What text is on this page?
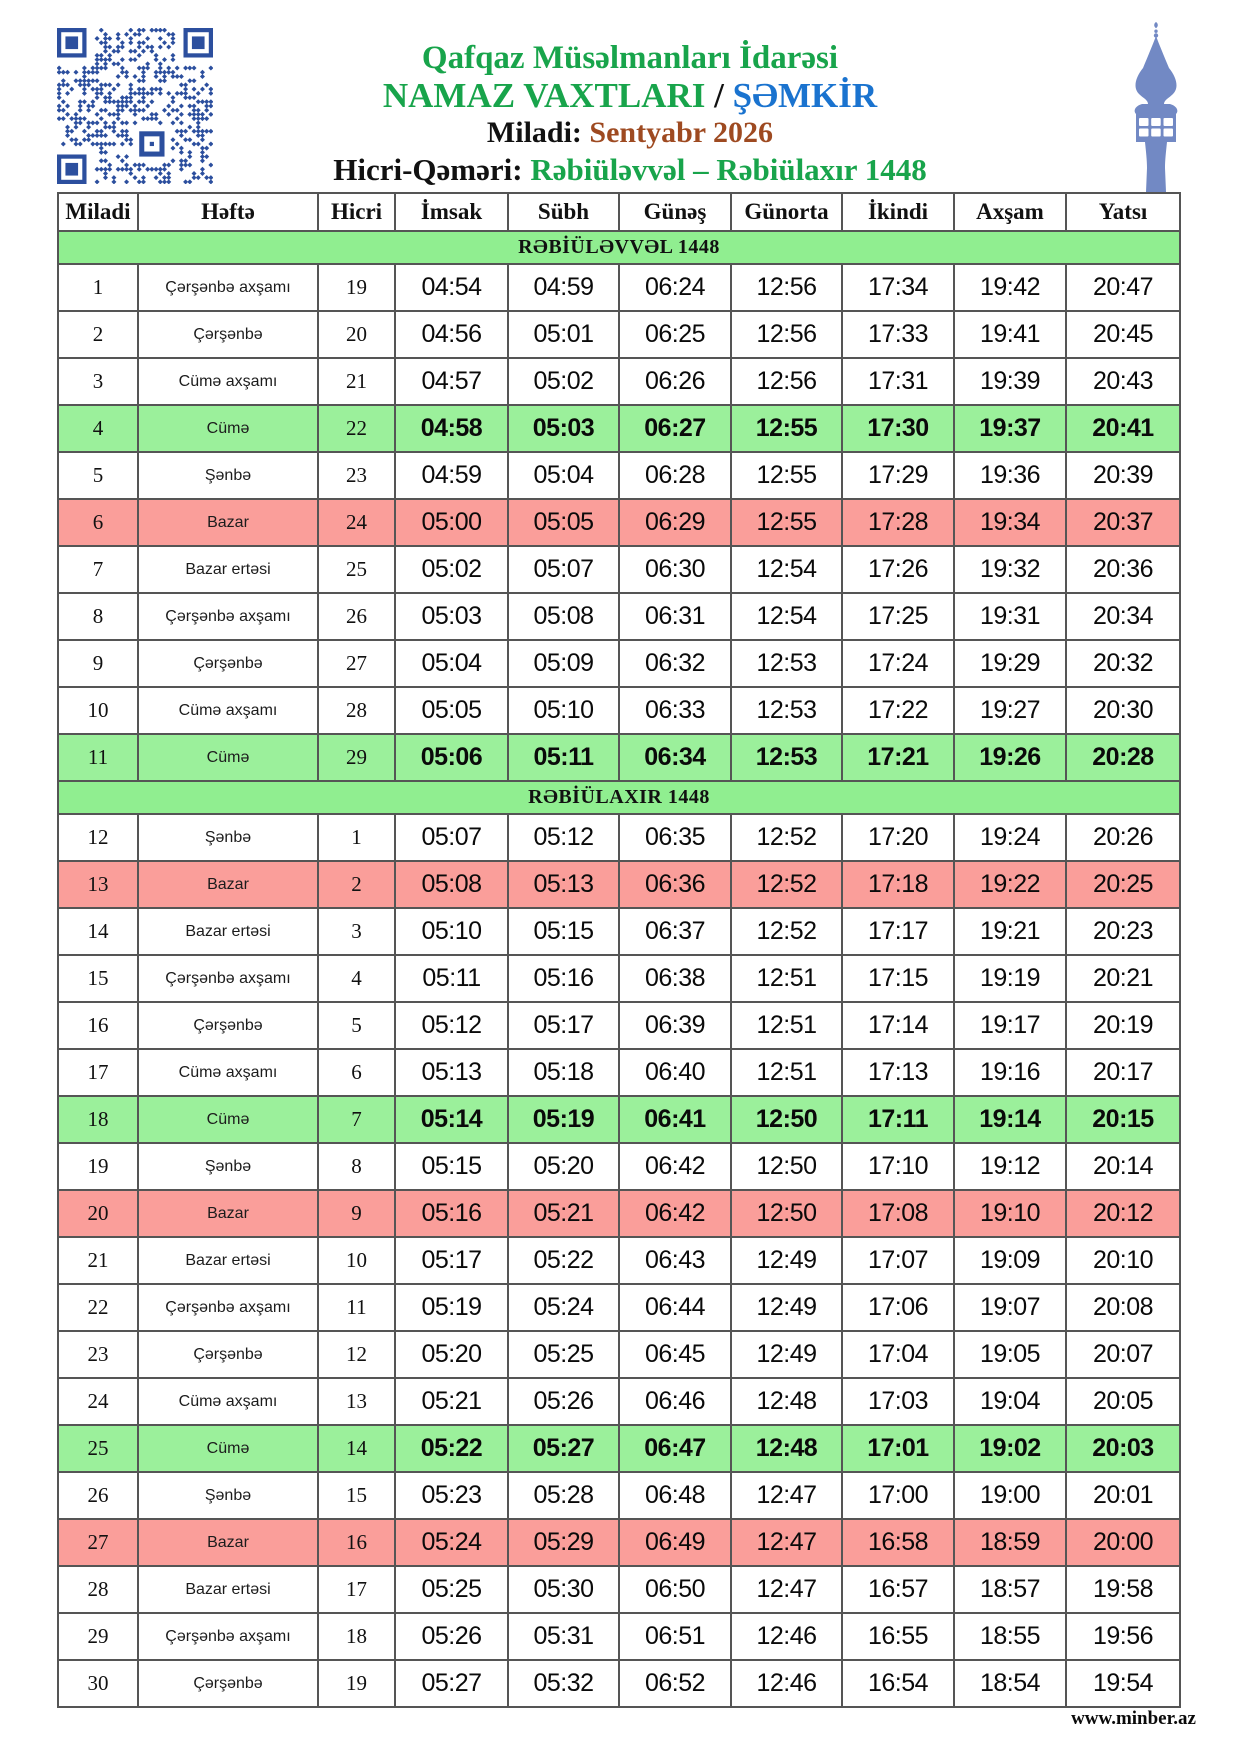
Qafqaz Müsəlmanları İdarəsi
NAMAZ VAXTLARI / ŞƏMKİR
Miladi: Sentyabr 2026
Hicri-Qəməri: Rəbiüləvvəl – Rəbiülaxır 1448
Miladi	Həftə	Hicri	İmsak	Sübh	Günəş	Günorta	İkindi	Axşam	Yatsı
RƏBİÜLƏVVƏL 1448									
1	Çərşənbə axşamı	19	04:54	04:59	06:24	12:56	17:34	19:42	20:47
2	Çərşənbə	20	04:56	05:01	06:25	12:56	17:33	19:41	20:45
3	Cümə axşamı	21	04:57	05:02	06:26	12:56	17:31	19:39	20:43
4	Cümə	22	04:58	05:03	06:27	12:55	17:30	19:37	20:41
5	Şənbə	23	04:59	05:04	06:28	12:55	17:29	19:36	20:39
6	Bazar	24	05:00	05:05	06:29	12:55	17:28	19:34	20:37
7	Bazar ertəsi	25	05:02	05:07	06:30	12:54	17:26	19:32	20:36
8	Çərşənbə axşamı	26	05:03	05:08	06:31	12:54	17:25	19:31	20:34
9	Çərşənbə	27	05:04	05:09	06:32	12:53	17:24	19:29	20:32
10	Cümə axşamı	28	05:05	05:10	06:33	12:53	17:22	19:27	20:30
11	Cümə	29	05:06	05:11	06:34	12:53	17:21	19:26	20:28
RƏBİÜLAXIR 1448									
12	Şənbə	1	05:07	05:12	06:35	12:52	17:20	19:24	20:26
13	Bazar	2	05:08	05:13	06:36	12:52	17:18	19:22	20:25
14	Bazar ertəsi	3	05:10	05:15	06:37	12:52	17:17	19:21	20:23
15	Çərşənbə axşamı	4	05:11	05:16	06:38	12:51	17:15	19:19	20:21
16	Çərşənbə	5	05:12	05:17	06:39	12:51	17:14	19:17	20:19
17	Cümə axşamı	6	05:13	05:18	06:40	12:51	17:13	19:16	20:17
18	Cümə	7	05:14	05:19	06:41	12:50	17:11	19:14	20:15
19	Şənbə	8	05:15	05:20	06:42	12:50	17:10	19:12	20:14
20	Bazar	9	05:16	05:21	06:42	12:50	17:08	19:10	20:12
21	Bazar ertəsi	10	05:17	05:22	06:43	12:49	17:07	19:09	20:10
22	Çərşənbə axşamı	11	05:19	05:24	06:44	12:49	17:06	19:07	20:08
23	Çərşənbə	12	05:20	05:25	06:45	12:49	17:04	19:05	20:07
24	Cümə axşamı	13	05:21	05:26	06:46	12:48	17:03	19:04	20:05
25	Cümə	14	05:22	05:27	06:47	12:48	17:01	19:02	20:03
26	Şənbə	15	05:23	05:28	06:48	12:47	17:00	19:00	20:01
27	Bazar	16	05:24	05:29	06:49	12:47	16:58	18:59	20:00
28	Bazar ertəsi	17	05:25	05:30	06:50	12:47	16:57	18:57	19:58
29	Çərşənbə axşamı	18	05:26	05:31	06:51	12:46	16:55	18:55	19:56
30	Çərşənbə	19	05:27	05:32	06:52	12:46	16:54	18:54	19:54
www.minber.az
